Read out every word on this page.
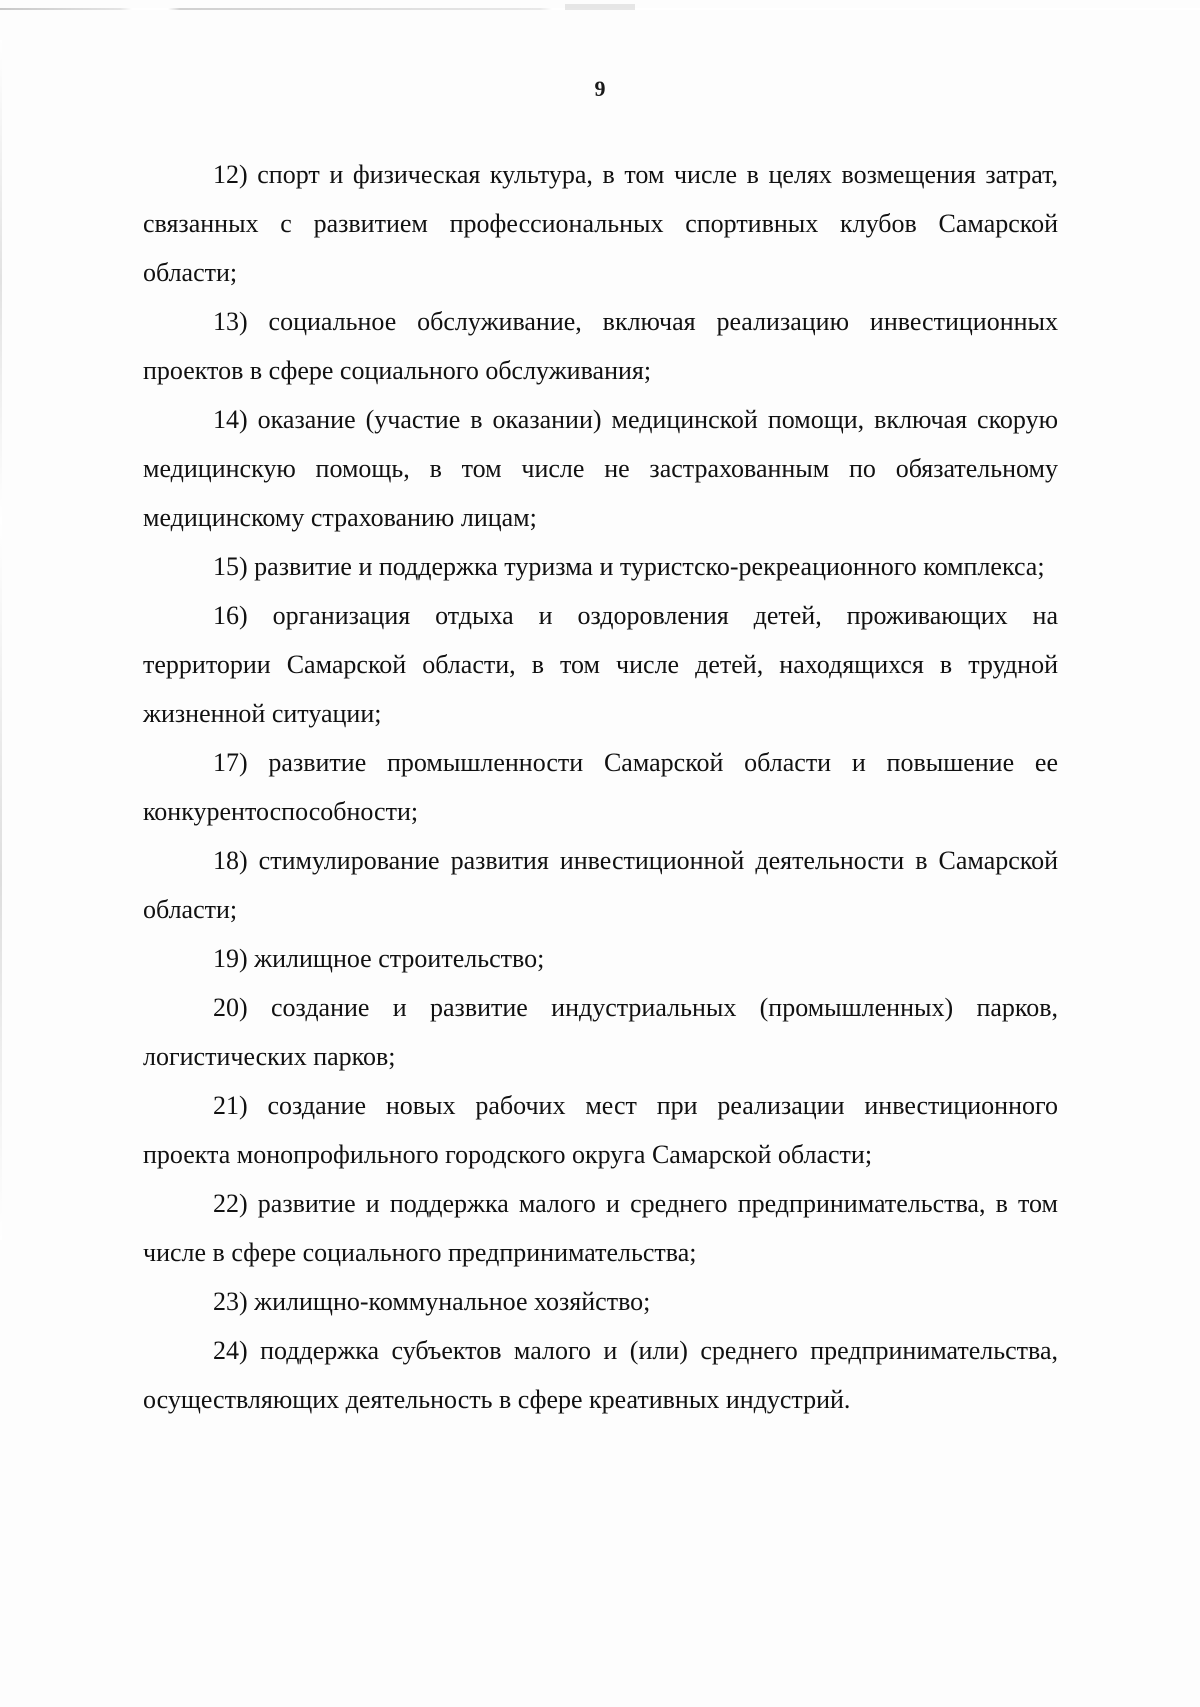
9

12) спорт и физическая культура, в том числе в целях возмещения затрат, связанных с развитием профессиональных спортивных клубов Самарской области;

13) социальное обслуживание, включая реализацию инвестиционных проектов в сфере социального обслуживания;

14) оказание (участие в оказании) медицинской помощи, включая скорую медицинскую помощь, в том числе не застрахованным по обязательному медицинскому страхованию лицам;

15) развитие и поддержка туризма и туристско-рекреационного комплекса;

16) организация отдыха и оздоровления детей, проживающих на территории Самарской области, в том числе детей, находящихся в трудной жизненной ситуации;

17) развитие промышленности Самарской области и повышение ее конкурентоспособности;

18) стимулирование развития инвестиционной деятельности в Самарской области;

19) жилищное строительство;

20) создание и развитие индустриальных (промышленных) парков, логистических парков;

21) создание новых рабочих мест при реализации инвестиционного проекта монопрофильного городского округа Самарской области;

22) развитие и поддержка малого и среднего предпринимательства, в том числе в сфере социального предпринимательства;

23) жилищно-коммунальное хозяйство;

24) поддержка субъектов малого и (или) среднего предпринимательства, осуществляющих деятельность в сфере креативных индустрий.
